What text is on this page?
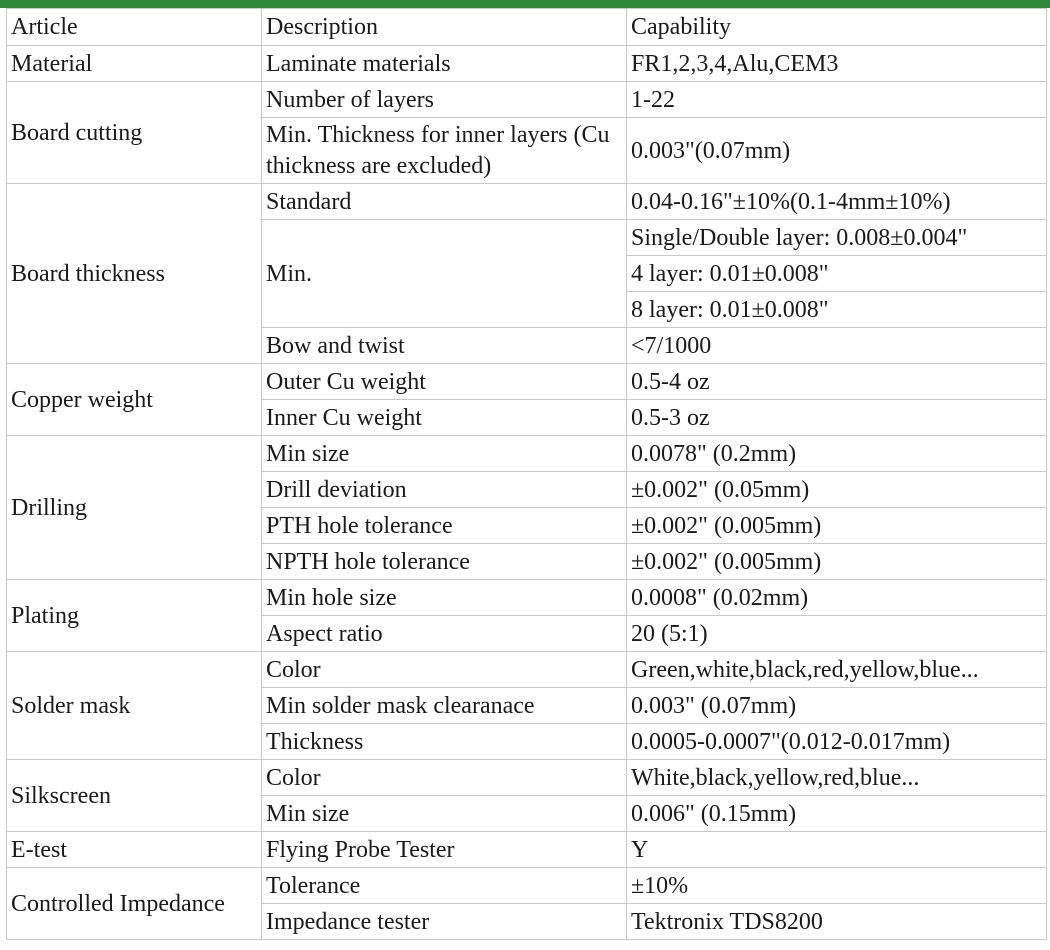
Article	Description	Capability
Material	Laminate materials	FR1,2,3,4,Alu,CEM3
Board cutting	Number of layers	1-22
	Min. Thickness for inner layers (Cu thickness are excluded)	0.003"(0.07mm)
Board thickness	Standard	0.04-0.16"±10%(0.1-4mm±10%)
	Min.	Single/Double layer: 0.008±0.004"
		4 layer: 0.01±0.008"
		8 layer: 0.01±0.008"
	Bow and twist	<7/1000
Copper weight	Outer Cu weight	0.5-4 oz
	Inner Cu weight	0.5-3 oz
Drilling	Min size	0.0078" (0.2mm)
	Drill deviation	±0.002" (0.05mm)
	PTH hole tolerance	±0.002" (0.005mm)
	NPTH hole tolerance	±0.002" (0.005mm)
Plating	Min hole size	0.0008" (0.02mm)
	Aspect ratio	20 (5:1)
Solder mask	Color	Green,white,black,red,yellow,blue...
	Min solder mask clearanace	0.003" (0.07mm)
	Thickness	0.0005-0.0007"(0.012-0.017mm)
Silkscreen	Color	White,black,yellow,red,blue...
	Min size	0.006" (0.15mm)
E-test	Flying Probe Tester	Y
Controlled Impedance	Tolerance	±10%
	Impedance tester	Tektronix TDS8200
